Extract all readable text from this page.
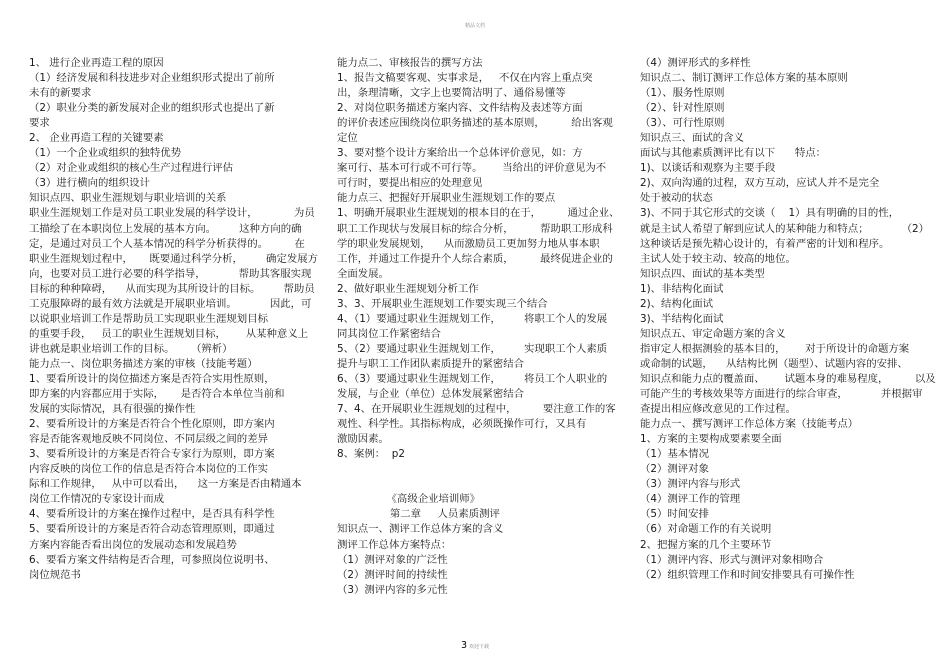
精品文档
1、 进行企业再造工程的原因
（1）经济发展和科技进步对企业组织形式提出了前所
未有的新要求
（2）职业分类的新发展对企业的组织形式也提出了新
要求
2、 企业再造工程的关键要素
（1）一个企业或组织的独特优势
（2）对企业或组织的核心生产过程进行评估
（3）进行横向的组织设计
知识点四、职业生涯规划与职业培训的关系
职业生涯规划工作是对员工职业发展的科学设计，           为员
工描绘了在本职岗位上发展的基本方向。       这种方向的确
定，是通过对员工个人基本情况的科学分析获得的。        在
职业生涯规划过程中，     既要通过科学分析，       确定发展方
向，也要对员工进行必要的科学指导，          帮助其客服实现
目标的种种障碍，    从而实现为其所设计的目标。       帮助员
工克服障碍的最有效方法就是开展职业培训。          因此，可
以说职业培训工作是帮助员工实现职业生涯规划目标
的重要手段，   员工的职业生涯规划目标，      从某种意义上
讲也就是职业培训工作的目标。     （辨析）
能力点一、岗位职务描述方案的审核（技能考题）
1、要看所设计的岗位描述方案是否符合实用性原则，
即方案的内容都应用于实际，     是否符合本单位当前和
发展的实际情况，具有很强的操作性
2、要看所设计的方案是否符合个性化原则，即方案内
容是否能客观地反映不同岗位、不同层级之间的差异
3、要看所设计的方案是否符合专家行为原则，即方案
内容反映的岗位工作的信息是否符合本岗位的工作实
际和工作规律，   从中可以看出，    这一方案是否由精通本
岗位工作情况的专家设计而成
4、要看所设计的方案在操作过程中，是否具有科学性
5、要看所设计的方案是否符合动态管理原则，即通过
方案内容能否看出岗位的发展动态和发展趋势
6、要看方案文件结构是否合理，可参照岗位说明书、
岗位规范书
能力点二、审核报告的撰写方法
1、报告文稿要客观、实事求是，   不仅在内容上重点突
出，条理清晰，文字上也要简洁明了、通俗易懂等
2、对岗位职务描述方案内容、文件结构及表述等方面
的评价表述应围绕岗位职务描述的基本原则，        给出客观
定位
3、要对整个设计方案给出一个总体评价意见，如：方
案可行、基本可行或不可行等。      当给出的评价意见为不
可行时，要提出相应的处理意见
能力点三、把握好开展职业生涯规划工作的要点
1、明确开展职业生涯规划的根本目的在于，        通过企业、
职工工作现状与发展目标的综合分析，        帮助职工形成科
学的职业发展规划，    从而激励员工更加努力地从事本职
工作，并通过工作提升个人综合素质，        最终促进企业的
全面发展。
2、做好职业生涯规划分析工作
3、3、开展职业生涯规划工作要实现三个结合
4、（1）要通过职业生涯规划工作，       将职工个人的发展
同其岗位工作紧密结合
5、（2）要通过职业生涯规划工作，       实现职工个人素质
提升与职工工作团队素质提升的紧密结合
6、（3）要通过职业生涯规划工作，       将员工个人职业的
发展，与企业（单位）总体发展紧密结合
7、4、在开展职业生涯规划的过程中，        要注意工作的客
观性、科学性。其指标构成，必须既操作可行，又具有
激励因素。
8、案例：  p2
《高级企业培训师》
第二章     人员素质测评
知识点一、测评工作总体方案的含义
测评工作总体方案特点：
（1）测评对象的广泛性
（2）测评时间的持续性
（3）测评内容的多元性
（4）测评形式的多样性
知识点二、制订测评工作总体方案的基本原则
（1）、服务性原则
（2）、针对性原则
（3）、可行性原则
知识点三、面试的含义
面试与其他素质测评比有以下      特点：
1)、以谈话和观察为主要手段
2)、双向沟通的过程，双方互动，应试人并不是完全
处于被动的状态
3)、不同于其它形式的交谈（    1）具有明确的目的性，
就是主试人希望了解到应试人的某种能力和特点；          （2）
这种谈话是预先精心设计的，有着严密的计划和程序。
主试人处于较主动、较高的地位。
知识点四、面试的基本类型
1)、非结构化面试
2)、结构化面试
3)、半结构化面试
知识点五、审定命题方案的含义
指审定人根据测验的基本目的，      对于所设计的命题方案
或命制的试题，    从结构比例（题型）、试题内容的安排、
知识点和能力点的覆盖面、      试题本身的难易程度，        以及
可能产生的考核效果等方面进行的综合审查，          并根据审
查提出相应修改意见的工作过程。
能力点一、撰写测评工作总体方案（技能考点）
1、方案的主要构成要素要全面
（1）基本情况
（2）测评对象
（3）测评内容与形式
（4）测评工作的管理
（5）时间安排
（6）对命题工作的有关说明
2、把握方案的几个主要环节
（1）测评内容、形式与测评对象相吻合
（2）组织管理工作和时间安排要具有可操作性
3 欢迎下载
